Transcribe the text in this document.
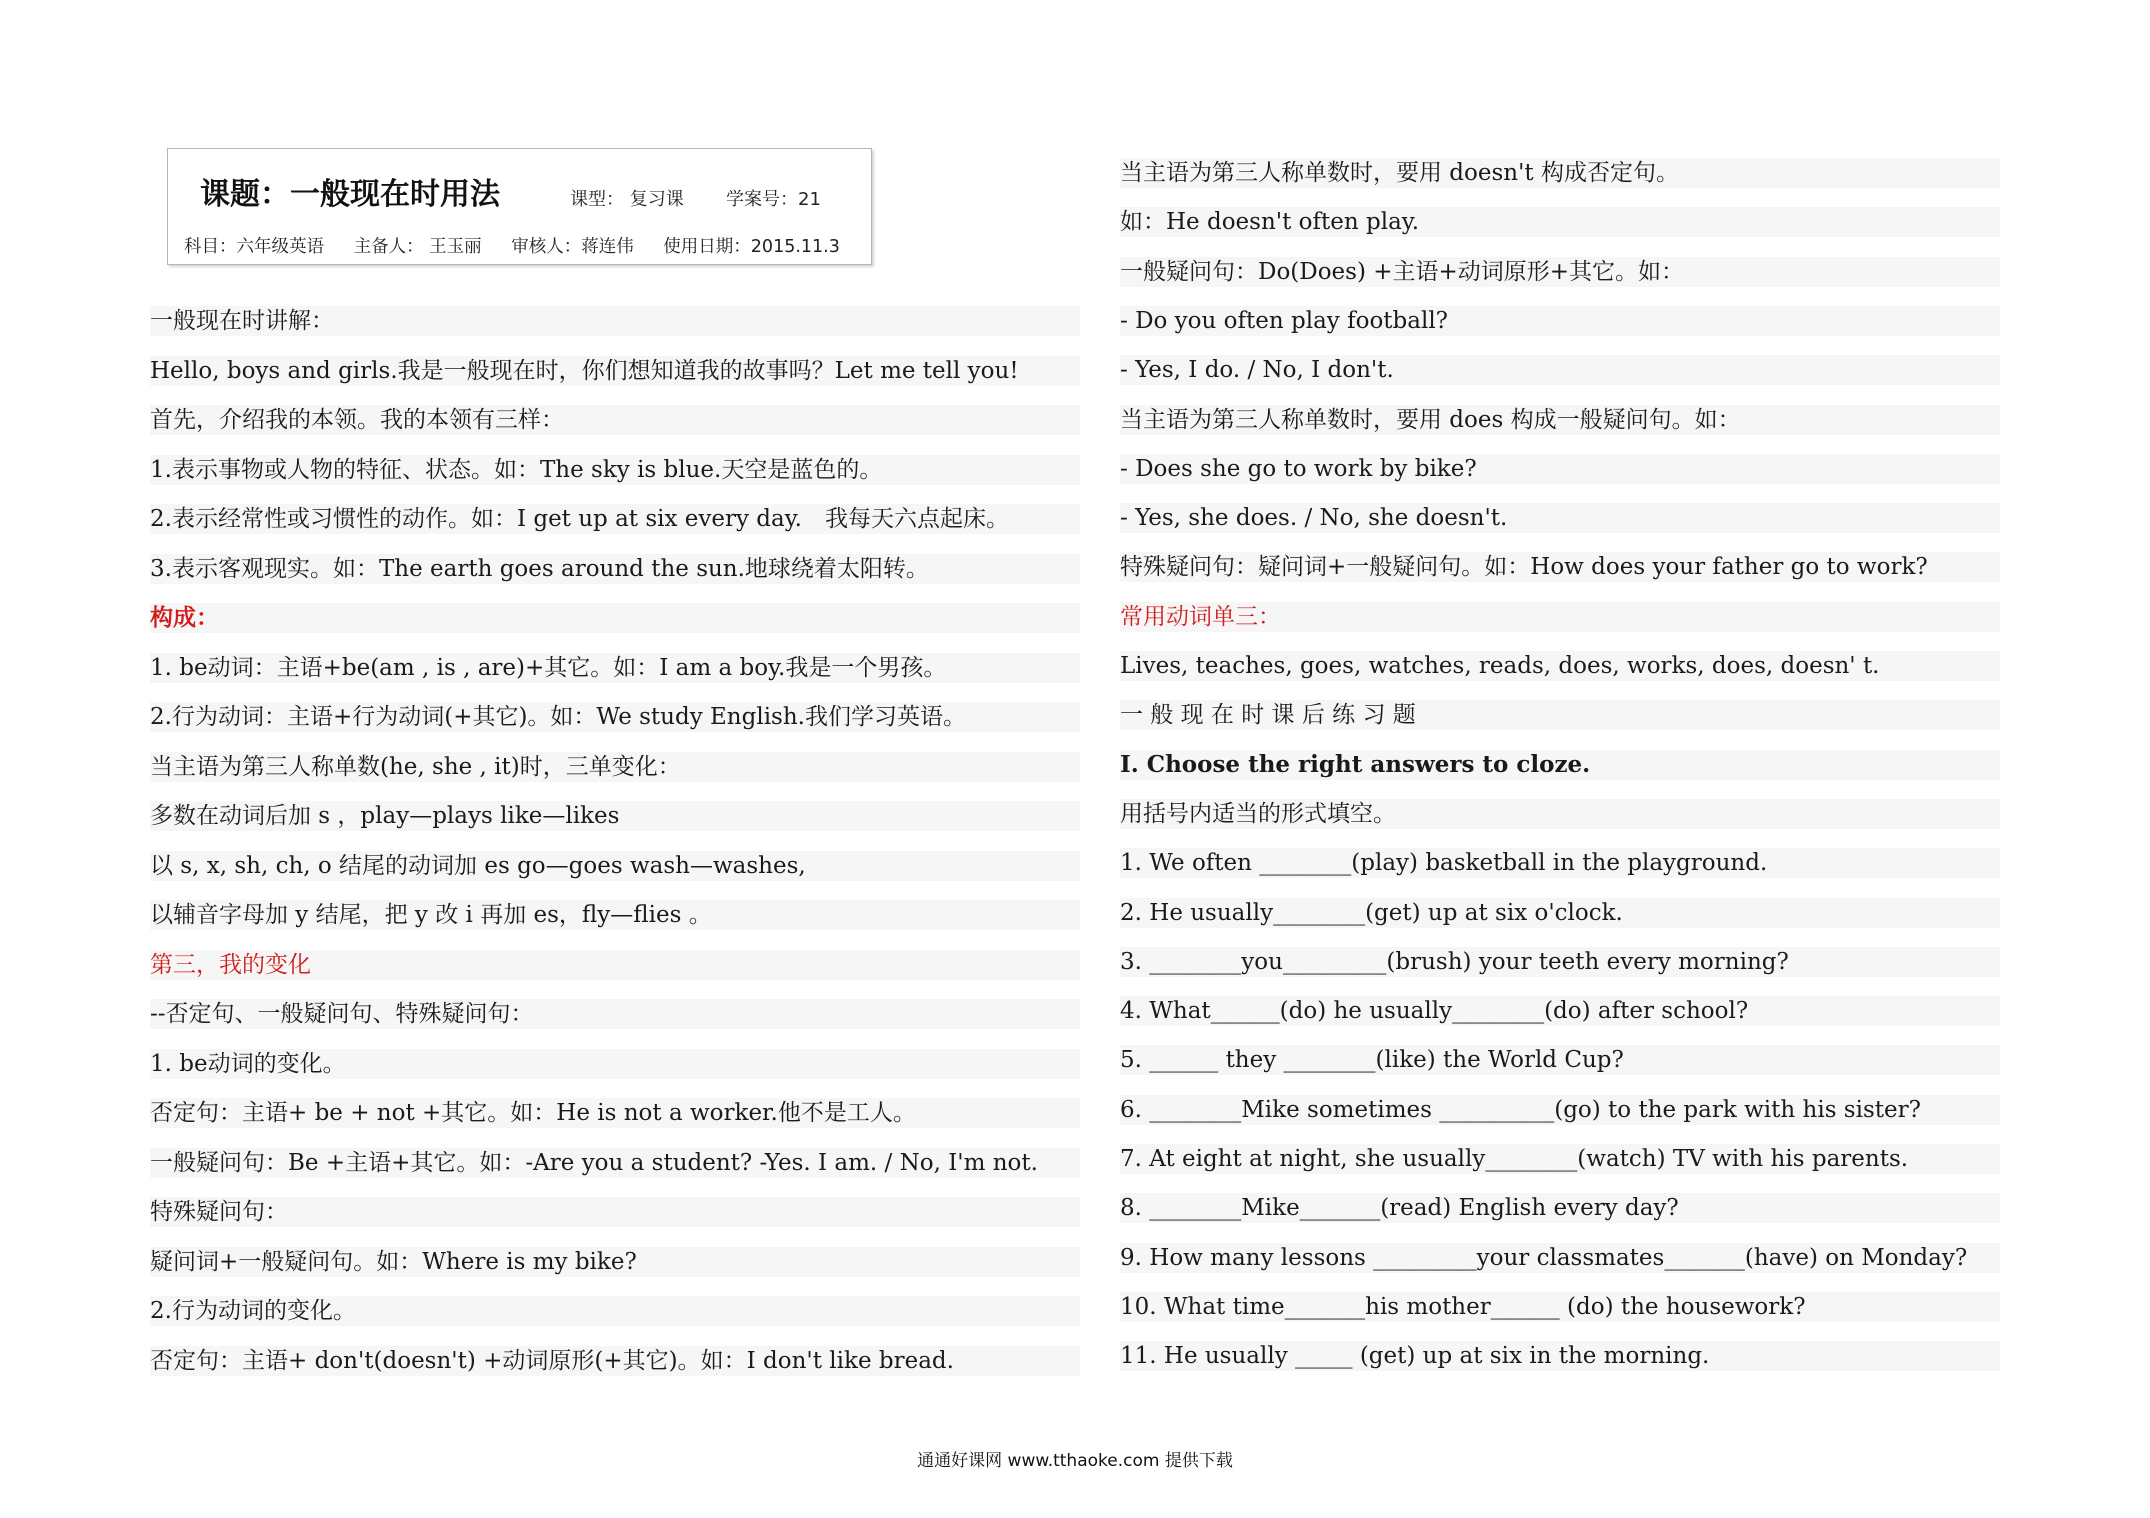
课题：一般现在时用法	课型： 复习课 学案号：21
科目：六年级英语 主备人： 王玉丽 审核人：蒋连伟 使用日期：2015.11.3
一般现在时讲解：
Hello, boys and girls.我是一般现在时，你们想知道我的故事吗？Let me tell you!
首先，介绍我的本领。我的本领有三样：
1.表示事物或人物的特征、状态。如：The sky is blue.天空是蓝色的。
2.表示经常性或习惯性的动作。如：I get up at six every day.　我每天六点起床。
3.表示客观现实。如：The earth goes around the sun.地球绕着太阳转。
构成：
1. be动词：主语+be(am , is , are)+其它。如：I am a boy.我是一个男孩。
2.行为动词：主语+行为动词(+其它)。如：We study English.我们学习英语。
当主语为第三人称单数(he, she , it)时，三单变化：
多数在动词后加 s ，play—plays like—likes
以 s, x, sh, ch, o 结尾的动词加 es go—goes wash—washes,
以辅音字母加 y 结尾，把 y 改 i 再加 es，fly—flies 。
第三，我的变化
--否定句、一般疑问句、特殊疑问句：
1. be动词的变化。
否定句：主语+ be + not +其它。如：He is not a worker.他不是工人。
一般疑问句：Be +主语+其它。如：-Are you a student? -Yes. I am. / No, I'm not.
特殊疑问句：
疑问词+一般疑问句。如：Where is my bike?
2.行为动词的变化。
否定句：主语+ don't(doesn't) +动词原形(+其它)。如：I don't like bread.
当主语为第三人称单数时，要用 doesn't 构成否定句。
如：He doesn't often play.
一般疑问句：Do(Does) +主语+动词原形+其它。如：
- Do you often play football?
- Yes, I do. / No, I don't.
当主语为第三人称单数时，要用 does 构成一般疑问句。如：
- Does she go to work by bike?
- Yes, she does. / No, she doesn't.
特殊疑问句：疑问词+一般疑问句。如：How does your father go to work?
常用动词单三：
Lives, teaches, goes, watches, reads, does, works, does, doesn' t.
一 般 现 在 时 课 后 练 习 题
I. Choose the right answers to cloze.
用括号内适当的形式填空。
1. We often ________(play) basketball in the playground.
2. He usually________(get) up at six o'clock.
3. ________you_________(brush) your teeth every morning?
4. What______(do) he usually________(do) after school?
5. ______ they ________(like) the World Cup?
6. ________Mike sometimes __________(go) to the park with his sister?
7. At eight at night, she usually________(watch) TV with his parents.
8. ________Mike_______(read) English every day?
9. How many lessons _________your classmates_______(have) on Monday?
10. What time_______his mother______ (do) the housework?
11. He usually _____ (get) up at six in the morning.
通通好课网 www.tthaoke.com 提供下载
